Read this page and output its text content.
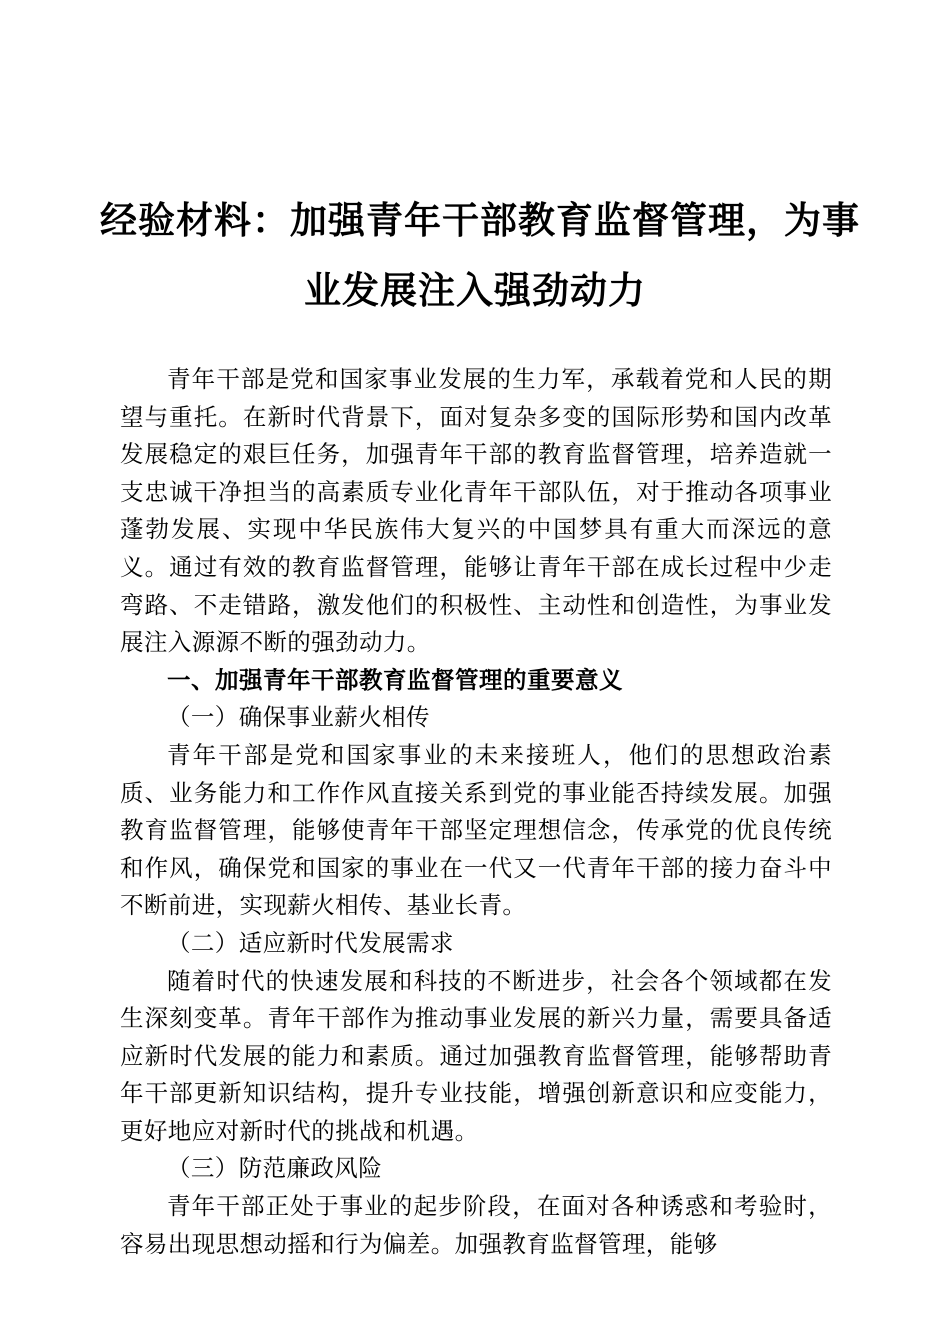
经验材料：加强青年干部教育监督管理，为事
业发展注入强劲动力

青年干部是党和国家事业发展的生力军，承载着党和人民的期望与重托。在新时代背景下，面对复杂多变的国际形势和国内改革发展稳定的艰巨任务，加强青年干部的教育监督管理，培养造就一支忠诚干净担当的高素质专业化青年干部队伍，对于推动各项事业蓬勃发展、实现中华民族伟大复兴的中国梦具有重大而深远的意义。通过有效的教育监督管理，能够让青年干部在成长过程中少走弯路、不走错路，激发他们的积极性、主动性和创造性，为事业发展注入源源不断的强劲动力。

一、加强青年干部教育监督管理的重要意义

（一）确保事业薪火相传

青年干部是党和国家事业的未来接班人，他们的思想政治素质、业务能力和工作作风直接关系到党的事业能否持续发展。加强教育监督管理，能够使青年干部坚定理想信念，传承党的优良传统和作风，确保党和国家的事业在一代又一代青年干部的接力奋斗中不断前进，实现薪火相传、基业长青。

（二）适应新时代发展需求

随着时代的快速发展和科技的不断进步，社会各个领域都在发生深刻变革。青年干部作为推动事业发展的新兴力量，需要具备适应新时代发展的能力和素质。通过加强教育监督管理，能够帮助青年干部更新知识结构，提升专业技能，增强创新意识和应变能力，更好地应对新时代的挑战和机遇。

（三）防范廉政风险

青年干部正处于事业的起步阶段，在面对各种诱惑和考验时，容易出现思想动摇和行为偏差。加强教育监督管理，能够
